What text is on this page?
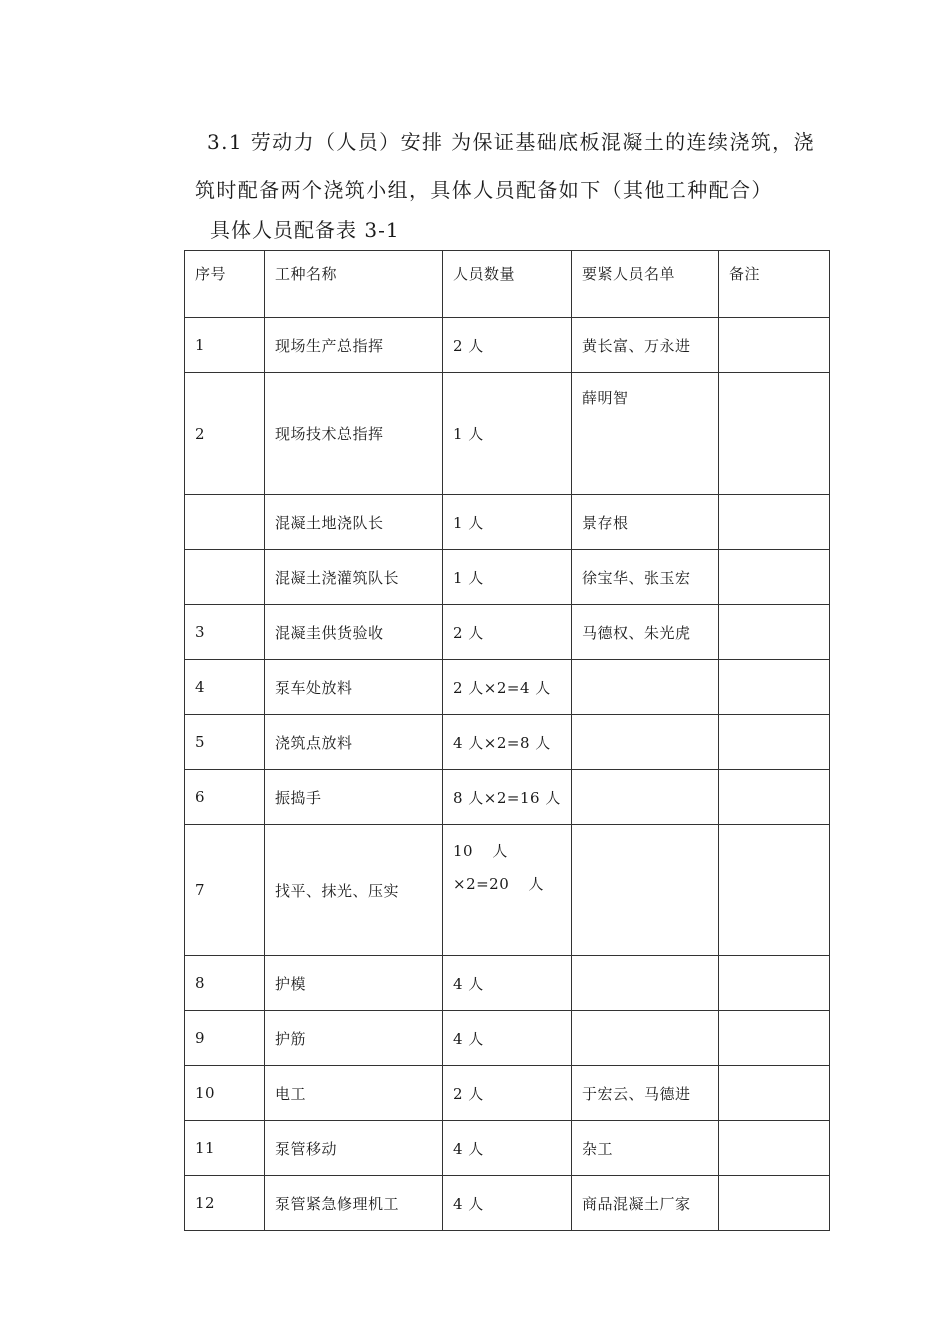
3.1 劳动力（人员）安排 为保证基础底板混凝土的连续浇筑，浇
筑时配备两个浇筑小组，具体人员配备如下（其他工种配合）
具体人员配备表 3-1
序号	工种名称	人员数量	要紧人员名单	备注
1	现场生产总指挥	2 人	黄长富、万永进	
2	现场技术总指挥	1 人	薛明智	
	混凝土地浇队长	1 人	景存根	
	混凝土浇灌筑队长	1 人	徐宝华、张玉宏	
3	混凝圭供货验收	2 人	马德权、朱光虎	
4	泵车处放料	2 人×2=4 人		
5	浇筑点放料	4 人×2=8 人		
6	振捣手	8 人×2=16 人		
7	找平、抹光、压实	10 人 ×2=20 人		
8	护模	4 人		
9	护筋	4 人		
10	电工	2 人	于宏云、马德进	
11	泵管移动	4 人	杂工	
12	泵管紧急修理机工	4 人	商品混凝土厂家	
